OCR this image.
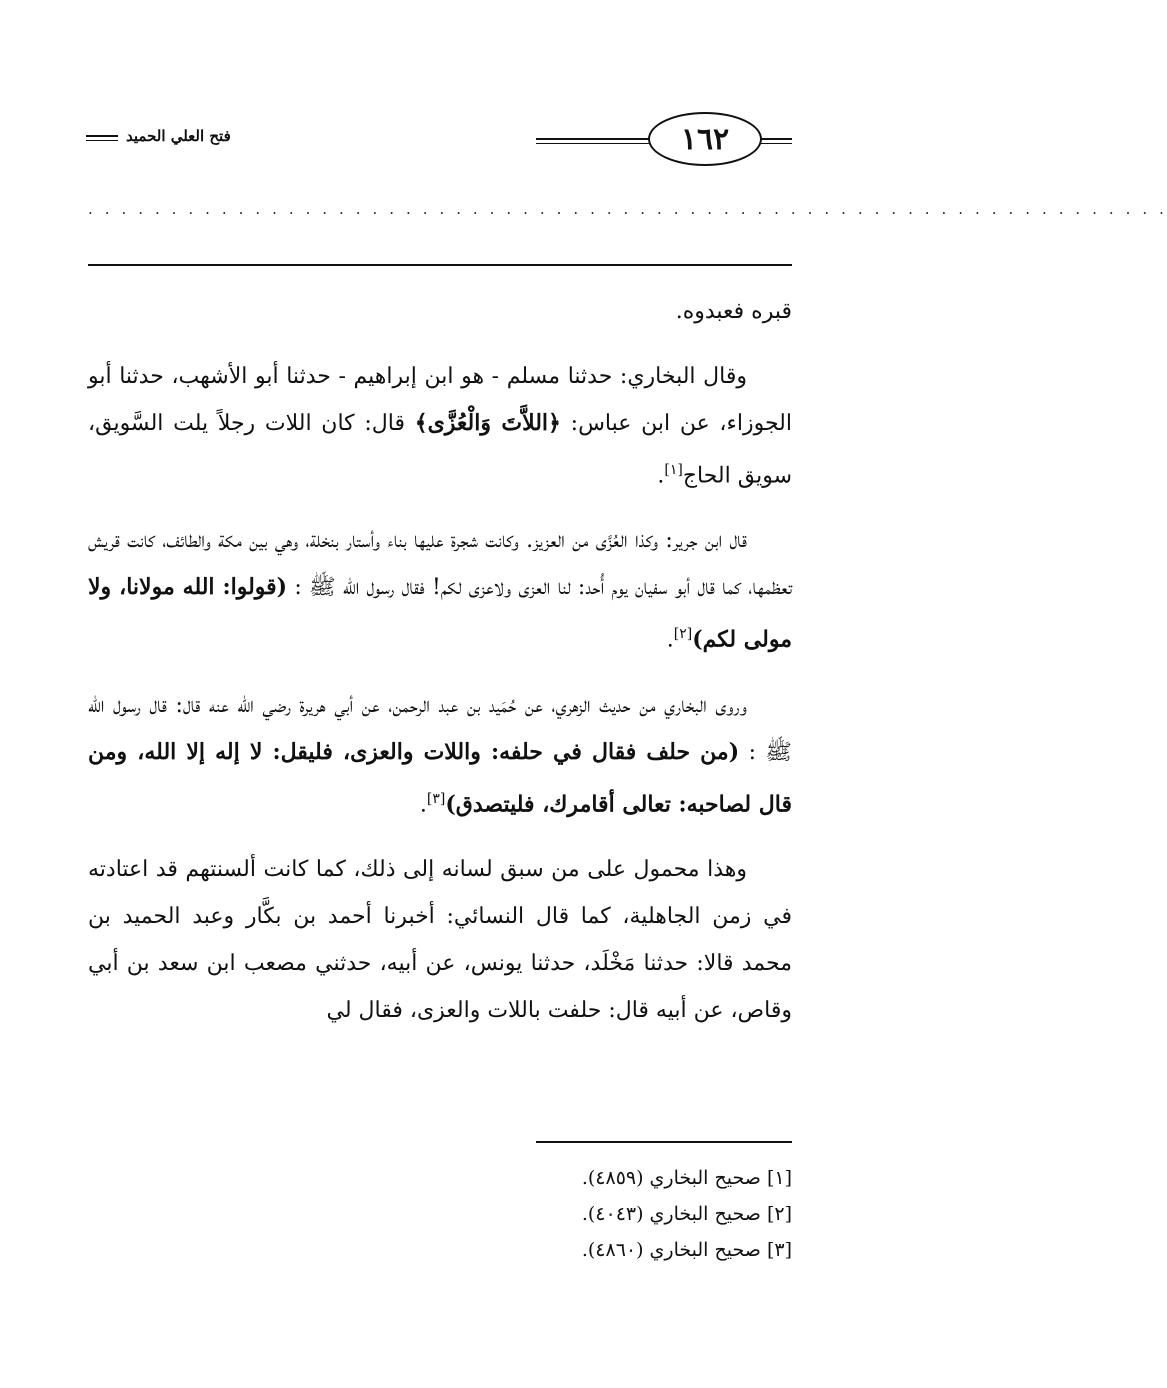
فتح العلي الحميد	١٦٢
. . . . . . . . . . . . . . . . . . . . . . . . . . . . . . . . . . . . . . . . . . . . . . . . . . . . . . . . . . . . . . . . .

قبره فعبدوه.

وقال البخاري: حدثنا مسلم - هو ابن إبراهيم - حدثنا أبو الأشهب، حدثنا أبو الجوزاء، عن ابن عباس: ﴿اللاَّتَ وَالْعُزَّى﴾ قال: كان اللات رجلاً يلت السَّويق، سويق الحاج[١].

قال ابن جرير: وكذا العُزَّى من العزيز. وكانت شجرة عليها بناء وأستار بنخلة، وهي بين مكة والطائف، كانت قريش تعظمها، كما قال أبو سفيان يوم أُحد: لنا العزى ولاعزى لكم! فقال رسول الله ﷺ : (قولوا: الله مولانا، ولا مولى لكم)[٢].

وروى البخاري من حديث الزهري، عن حُمَيد بن عبد الرحمن، عن أبي هريرة رضي الله عنه قال: قال رسول الله ﷺ : (من حلف فقال في حلفه: واللات والعزى، فليقل: لا إله إلا الله، ومن قال لصاحبه: تعالى أقامرك، فليتصدق)[٣].

وهذا محمول على من سبق لسانه إلى ذلك، كما كانت ألسنتهم قد اعتادته في زمن الجاهلية، كما قال النسائي: أخبرنا أحمد بن بكَّار وعبد الحميد بن محمد قالا: حدثنا مَخْلَد، حدثنا يونس، عن أبيه، حدثني مصعب ابن سعد بن أبي وقاص، عن أبيه قال: حلفت باللات والعزى، فقال لي

[١] صحيح البخاري (٤٨٥٩).
[٢] صحيح البخاري (٤٠٤٣).
[٣] صحيح البخاري (٤٨٦٠).
